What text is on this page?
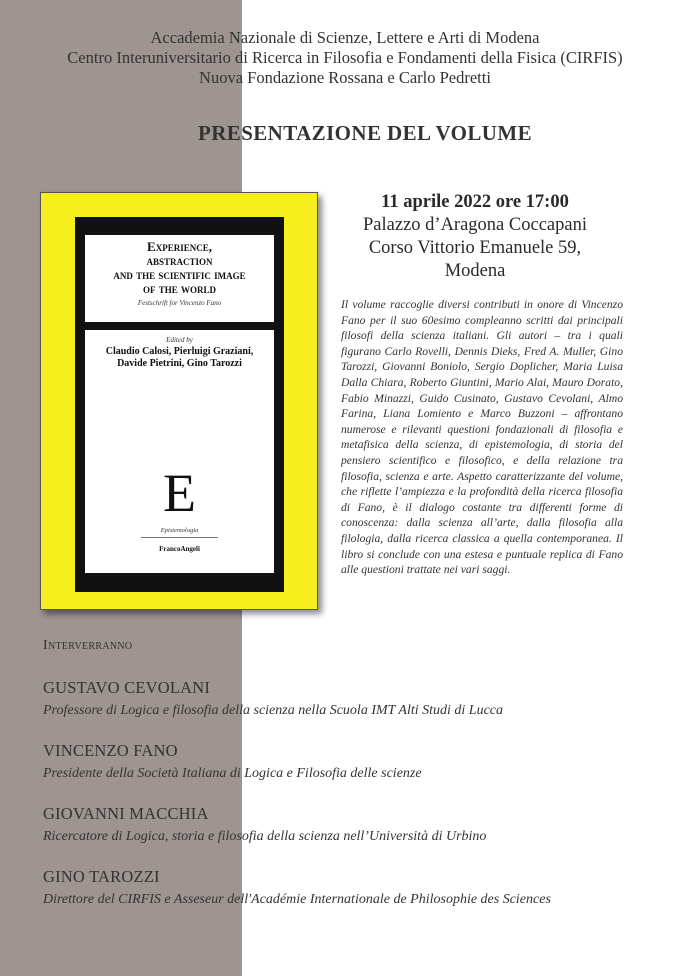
Accademia Nazionale di Scienze, Lettere e Arti di Modena
Centro Interuniversitario di Ricerca in Filosofia e Fondamenti della Fisica (CIRFIS)
Nuova Fondazione Rossana e Carlo Pedretti
PRESENTAZIONE DEL VOLUME
Experience,
abstraction
and the scientific image
of the world
Festschrift for Vincenzo Fano
Edited by
Claudio Calosi, Pierluigi Graziani,
Davide Pietrini, Gino Tarozzi
E
Epistemologia
FrancoAngeli
11 aprile 2022 ore 17:00
Palazzo d’Aragona Coccapani
Corso Vittorio Emanuele 59,
Modena
Il volume raccoglie diversi contributi in onore di Vincenzo Fano per il suo 60esimo compleanno scritti dai principali filosofi della scienza italiani. Gli autori – tra i quali figurano Carlo Rovelli, Dennis Dieks, Fred A. Muller, Gino Tarozzi, Giovanni Boniolo, Sergio Doplicher, Maria Luisa Dalla Chiara, Roberto Giuntini, Mario Alai, Mauro Dorato, Fabio Minazzi, Guido Cusinato, Gustavo Cevolani, Almo Farina, Liana Lomiento e Marco Buzzoni – affrontano numerose e rilevanti questioni fondazionali di filosofia e metafisica della scienza, di epistemologia, di storia del pensiero scientifico e filosofico, e della relazione tra filosofia, scienza e arte. Aspetto caratterizzante del volume, che riflette l’ampiezza e la profondità della ricerca filosofia di Fano, è il dialogo costante tra differenti forme di conoscenza: dalla scienza all’arte, dalla filosofia alla filologia, dalla ricerca classica a quella contemporanea. Il libro si conclude con una estesa e puntuale replica di Fano alle questioni trattate nei vari saggi.
Interverranno
GUSTAVO CEVOLANI
Professore di Logica e filosofia della scienza nella Scuola IMT Alti Studi di Lucca
VINCENZO FANO
Presidente della Società Italiana di Logica e Filosofia delle scienze
GIOVANNI MACCHIA
Ricercatore di Logica, storia e filosofia della scienza nell’Università di Urbino
GINO TAROZZI
Direttore del CIRFIS e Asseseur dell'Académie Internationale de Philosophie des Sciences
